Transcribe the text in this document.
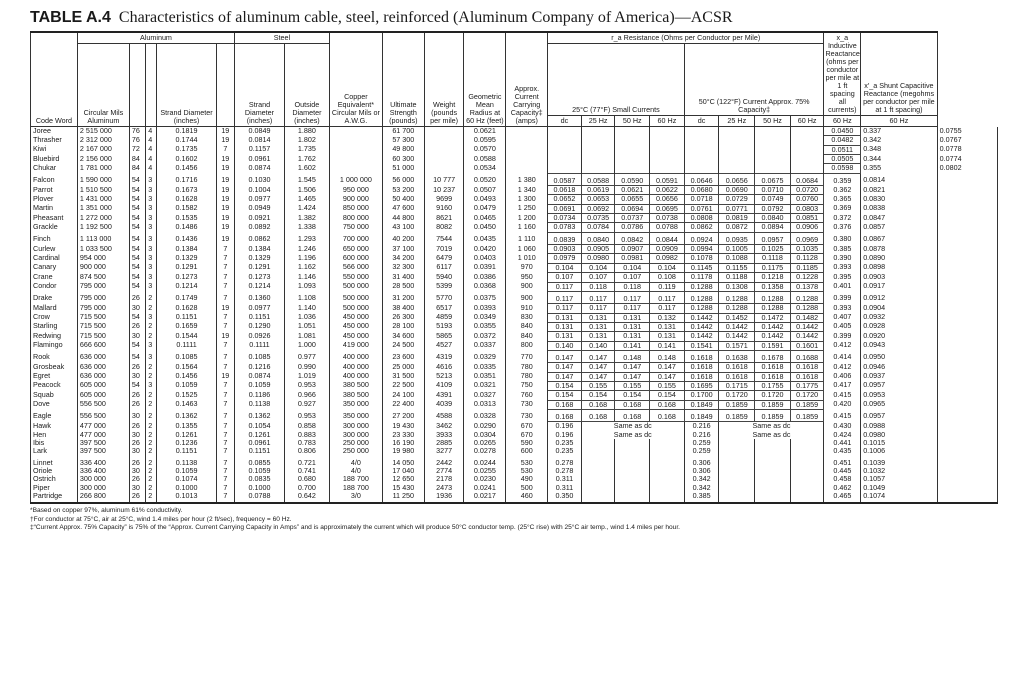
TABLE A.4 Characteristics of aluminum cable, steel, reinforced (Aluminum Company of America)—ACSR
Code Word	Aluminum					Steel		Copper Equivalent* Circular Mils or A.W.G.	Ultimate Strength (pounds)	Weight (pounds per mile)	Geometric Mean Radius at 60 Hz (feet)	Approx. Current Carrying Capacity‡ (amps)	r_a Resistance (Ohms per Conductor per Mile)								x_a Inductive Reactance (ohms per conductor per mile at 1 ft spacing all currents)	x′_a Shunt Capacitive Reactance (megohms per conductor per mile at 1 ft spacing)	
	Circular Mils Aluminum			Strand Diameter (inches)		Strand Diameter (inches)	Outside Diameter (inches)						25°C (77°F) Small Currents				50°C (122°F) Current Approx. 75% Capacity‡						
													dc	25 Hz	50 Hz	60 Hz	dc	25 Hz	50 Hz	60 Hz	60 Hz	60 Hz	
Joree	2 515 000	76	4	0.1819	19	0.0849	1.880		61 700		0.0621										0.0450	0.337	0.0755
Thrasher	2 312 000	76	4	0.1744	19	0.0814	1.802		57 300		0.0595										0.0482	0.342	0.0767
Kiwi	2 167 000	72	4	0.1735	7	0.1157	1.735		49 800		0.0570										0.0511	0.348	0.0778
Bluebird	2 156 000	84	4	0.1602	19	0.0961	1.762		60 300		0.0588										0.0505	0.344	0.0774
Chukar	1 781 000	84	4	0.1456	19	0.0874	1.602		51 000		0.0534										0.0598	0.355	0.0802
Falcon	1 590 000	54	3	0.1716	19	0.1030	1.545	1 000 000	56 000	10 777	0.0520	1 380	0.0587	0.0588	0.0590	0.0591	0.0646	0.0656	0.0675	0.0684	0.359	0.0814	
Parrot	1 510 500	54	3	0.1673	19	0.1004	1.506	950 000	53 200	10 237	0.0507	1 340	0.0618	0.0619	0.0621	0.0622	0.0680	0.0690	0.0710	0.0720	0.362	0.0821	
Plover	1 431 000	54	3	0.1628	19	0.0977	1.465	900 000	50 400	9699	0.0493	1 300	0.0652	0.0653	0.0655	0.0656	0.0718	0.0729	0.0749	0.0760	0.365	0.0830	
Martin	1 351 000	54	3	0.1582	19	0.0949	1.424	850 000	47 600	9160	0.0479	1 250	0.0691	0.0692	0.0694	0.0695	0.0761	0.0771	0.0792	0.0803	0.369	0.0838	
Pheasant	1 272 000	54	3	0.1535	19	0.0921	1.382	800 000	44 800	8621	0.0465	1 200	0.0734	0.0735	0.0737	0.0738	0.0808	0.0819	0.0840	0.0851	0.372	0.0847	
Grackle	1 192 500	54	3	0.1486	19	0.0892	1.338	750 000	43 100	8082	0.0450	1 160	0.0783	0.0784	0.0786	0.0788	0.0862	0.0872	0.0894	0.0906	0.376	0.0857	
Finch	1 113 000	54	3	0.1436	19	0.0862	1.293	700 000	40 200	7544	0.0435	1 110	0.0839	0.0840	0.0842	0.0844	0.0924	0.0935	0.0957	0.0969	0.380	0.0867	
Curlew	1 033 500	54	3	0.1384	7	0.1384	1.246	650 000	37 100	7019	0.0420	1 060	0.0903	0.0905	0.0907	0.0909	0.0994	0.1005	0.1025	0.1035	0.385	0.0878	
Cardinal	954 000	54	3	0.1329	7	0.1329	1.196	600 000	34 200	6479	0.0403	1 010	0.0979	0.0980	0.0981	0.0982	0.1078	0.1088	0.1118	0.1128	0.390	0.0890	
Canary	900 000	54	3	0.1291	7	0.1291	1.162	566 000	32 300	6117	0.0391	970	0.104	0.104	0.104	0.104	0.1145	0.1155	0.1175	0.1185	0.393	0.0898	
Crane	874 500	54	3	0.1273	7	0.1273	1.146	550 000	31 400	5940	0.0386	950	0.107	0.107	0.107	0.108	0.1178	0.1188	0.1218	0.1228	0.395	0.0903	
Condor	795 000	54	3	0.1214	7	0.1214	1.093	500 000	28 500	5399	0.0368	900	0.117	0.118	0.118	0.119	0.1288	0.1308	0.1358	0.1378	0.401	0.0917	
Drake	795 000	26	2	0.1749	7	0.1360	1.108	500 000	31 200	5770	0.0375	900	0.117	0.117	0.117	0.117	0.1288	0.1288	0.1288	0.1288	0.399	0.0912	
Mallard	795 000	30	2	0.1628	19	0.0977	1.140	500 000	38 400	6517	0.0393	910	0.117	0.117	0.117	0.117	0.1288	0.1288	0.1288	0.1288	0.393	0.0904	
Crow	715 500	54	3	0.1151	7	0.1151	1.036	450 000	26 300	4859	0.0349	830	0.131	0.131	0.131	0.132	0.1442	0.1452	0.1472	0.1482	0.407	0.0932	
Starling	715 500	26	2	0.1659	7	0.1290	1.051	450 000	28 100	5193	0.0355	840	0.131	0.131	0.131	0.131	0.1442	0.1442	0.1442	0.1442	0.405	0.0928	
Redwing	715 500	30	2	0.1544	19	0.0926	1.081	450 000	34 600	5865	0.0372	840	0.131	0.131	0.131	0.131	0.1442	0.1442	0.1442	0.1442	0.399	0.0920	
Flamingo	666 600	54	3	0.1111	7	0.1111	1.000	419 000	24 500	4527	0.0337	800	0.140	0.140	0.141	0.141	0.1541	0.1571	0.1591	0.1601	0.412	0.0943	
Rook	636 000	54	3	0.1085	7	0.1085	0.977	400 000	23 600	4319	0.0329	770	0.147	0.147	0.148	0.148	0.1618	0.1638	0.1678	0.1688	0.414	0.0950	
Grosbeak	636 000	26	2	0.1564	7	0.1216	0.990	400 000	25 000	4616	0.0335	780	0.147	0.147	0.147	0.147	0.1618	0.1618	0.1618	0.1618	0.412	0.0946	
Egret	636 000	30	2	0.1456	19	0.0874	1.019	400 000	31 500	5213	0.0351	780	0.147	0.147	0.147	0.147	0.1618	0.1618	0.1618	0.1618	0.406	0.0937	
Peacock	605 000	54	3	0.1059	7	0.1059	0.953	380 500	22 500	4109	0.0321	750	0.154	0.155	0.155	0.155	0.1695	0.1715	0.1755	0.1775	0.417	0.0957	
Squab	605 000	26	2	0.1525	7	0.1186	0.966	380 500	24 100	4391	0.0327	760	0.154	0.154	0.154	0.154	0.1700	0.1720	0.1720	0.1720	0.415	0.0953	
Dove	556 500	26	2	0.1463	7	0.1138	0.927	350 000	22 400	4039	0.0313	730	0.168	0.168	0.168	0.168	0.1849	0.1859	0.1859	0.1859	0.420	0.0965	
Eagle	556 500	30	2	0.1362	7	0.1362	0.953	350 000	27 200	4588	0.0328	730	0.168	0.168	0.168	0.168	0.1849	0.1859	0.1859	0.1859	0.415	0.0957	
Hawk	477 000	26	2	0.1355	7	0.1054	0.858	300 000	19 430	3462	0.0290	670	0.196	Same as dc			0.216	Same as dc			0.430	0.0988	
Hen	477 000	30	2	0.1261	7	0.1261	0.883	300 000	23 330	3933	0.0304	670	0.196	Same as dc			0.216	Same as dc			0.424	0.0980	
Ibis	397 500	26	2	0.1236	7	0.0961	0.783	250 000	16 190	2885	0.0265	590	0.235				0.259				0.441	0.1015	
Lark	397 500	30	2	0.1151	7	0.1151	0.806	250 000	19 980	3277	0.0278	600	0.235				0.259				0.435	0.1006	
Linnet	336 400	26	2	0.1138	7	0.0855	0.721	4/0	14 050	2442	0.0244	530	0.278				0.306				0.451	0.1039	
Oriole	336 400	30	2	0.1059	7	0.1059	0.741	4/0	17 040	2774	0.0255	530	0.278				0.306				0.445	0.1032	
Ostrich	300 000	26	2	0.1074	7	0.0835	0.680	188 700	12 650	2178	0.0230	490	0.311				0.342				0.458	0.1057	
Piper	300 000	30	2	0.1000	7	0.1000	0.700	188 700	15 430	2473	0.0241	500	0.311				0.342				0.462	0.1049	
Partridge	266 800	26	2	0.1013	7	0.0788	0.642	3/0	11 250	1936	0.0217	460	0.350				0.385				0.465	0.1074	
*Based on copper 97%, aluminum 61% conductivity.
†For conductor at 75°C, air at 25°C, wind 1.4 miles per hour (2 ft/sec), frequency = 60 Hz.
‡“Current Approx. 75% Capacity” is 75% of the “Approx. Current Carrying Capacity in Amps” and is approximately the current which will produce 50°C conductor temp. (25°C rise) with 25°C air temp., wind 1.4 miles per hour.
